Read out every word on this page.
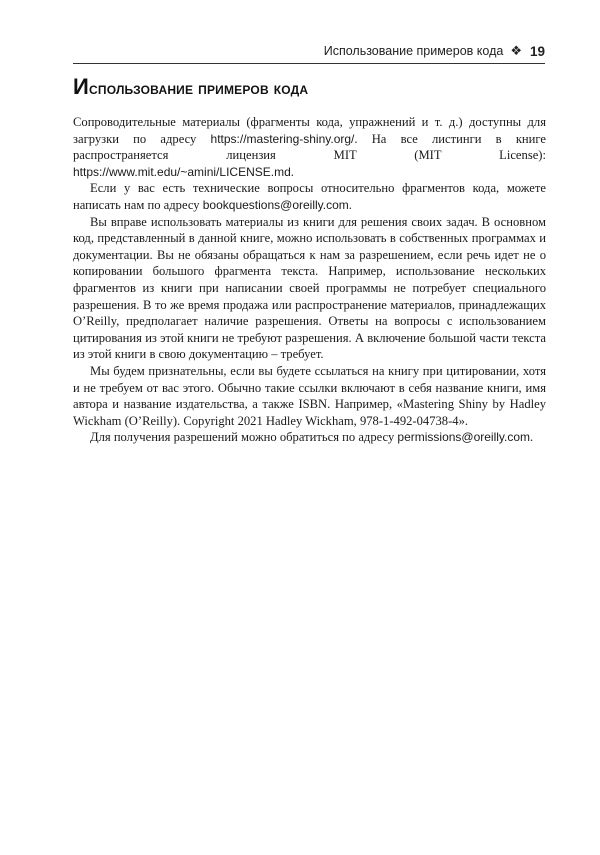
Использование примеров кода ❖ 19
Использование примеров кода

Сопроводительные материалы (фрагменты кода, упражнений и т. д.) доступны для загрузки по адресу https://mastering-shiny.org/. На все листинги в книге распространяется лицензия MIT (MIT License): https://www.mit.edu/~amini/LICENSE.md.

Если у вас есть технические вопросы относительно фрагментов кода, можете написать нам по адресу bookquestions@oreilly.com.

Вы вправе использовать материалы из книги для решения своих задач. В основном код, представленный в данной книге, можно использовать в собственных программах и документации. Вы не обязаны обращаться к нам за разрешением, если речь идет не о копировании большого фрагмента текста. Например, использование нескольких фрагментов из книги при написании своей программы не потребует специального разрешения. В то же время продажа или распространение материалов, принадлежащих O’Reilly, предполагает наличие разрешения. Ответы на вопросы с использованием цитирования из этой книги не требуют разрешения. А включение большой части текста из этой книги в свою документацию – требует.

Мы будем признательны, если вы будете ссылаться на книгу при цитировании, хотя и не требуем от вас этого. Обычно такие ссылки включают в себя название книги, имя автора и название издательства, а также ISBN. Например, «Mastering Shiny by Hadley Wickham (O’Reilly). Copyright 2021 Hadley Wickham, 978-1-492-04738-4».

Для получения разрешений можно обратиться по адресу permissions@oreilly.com.
